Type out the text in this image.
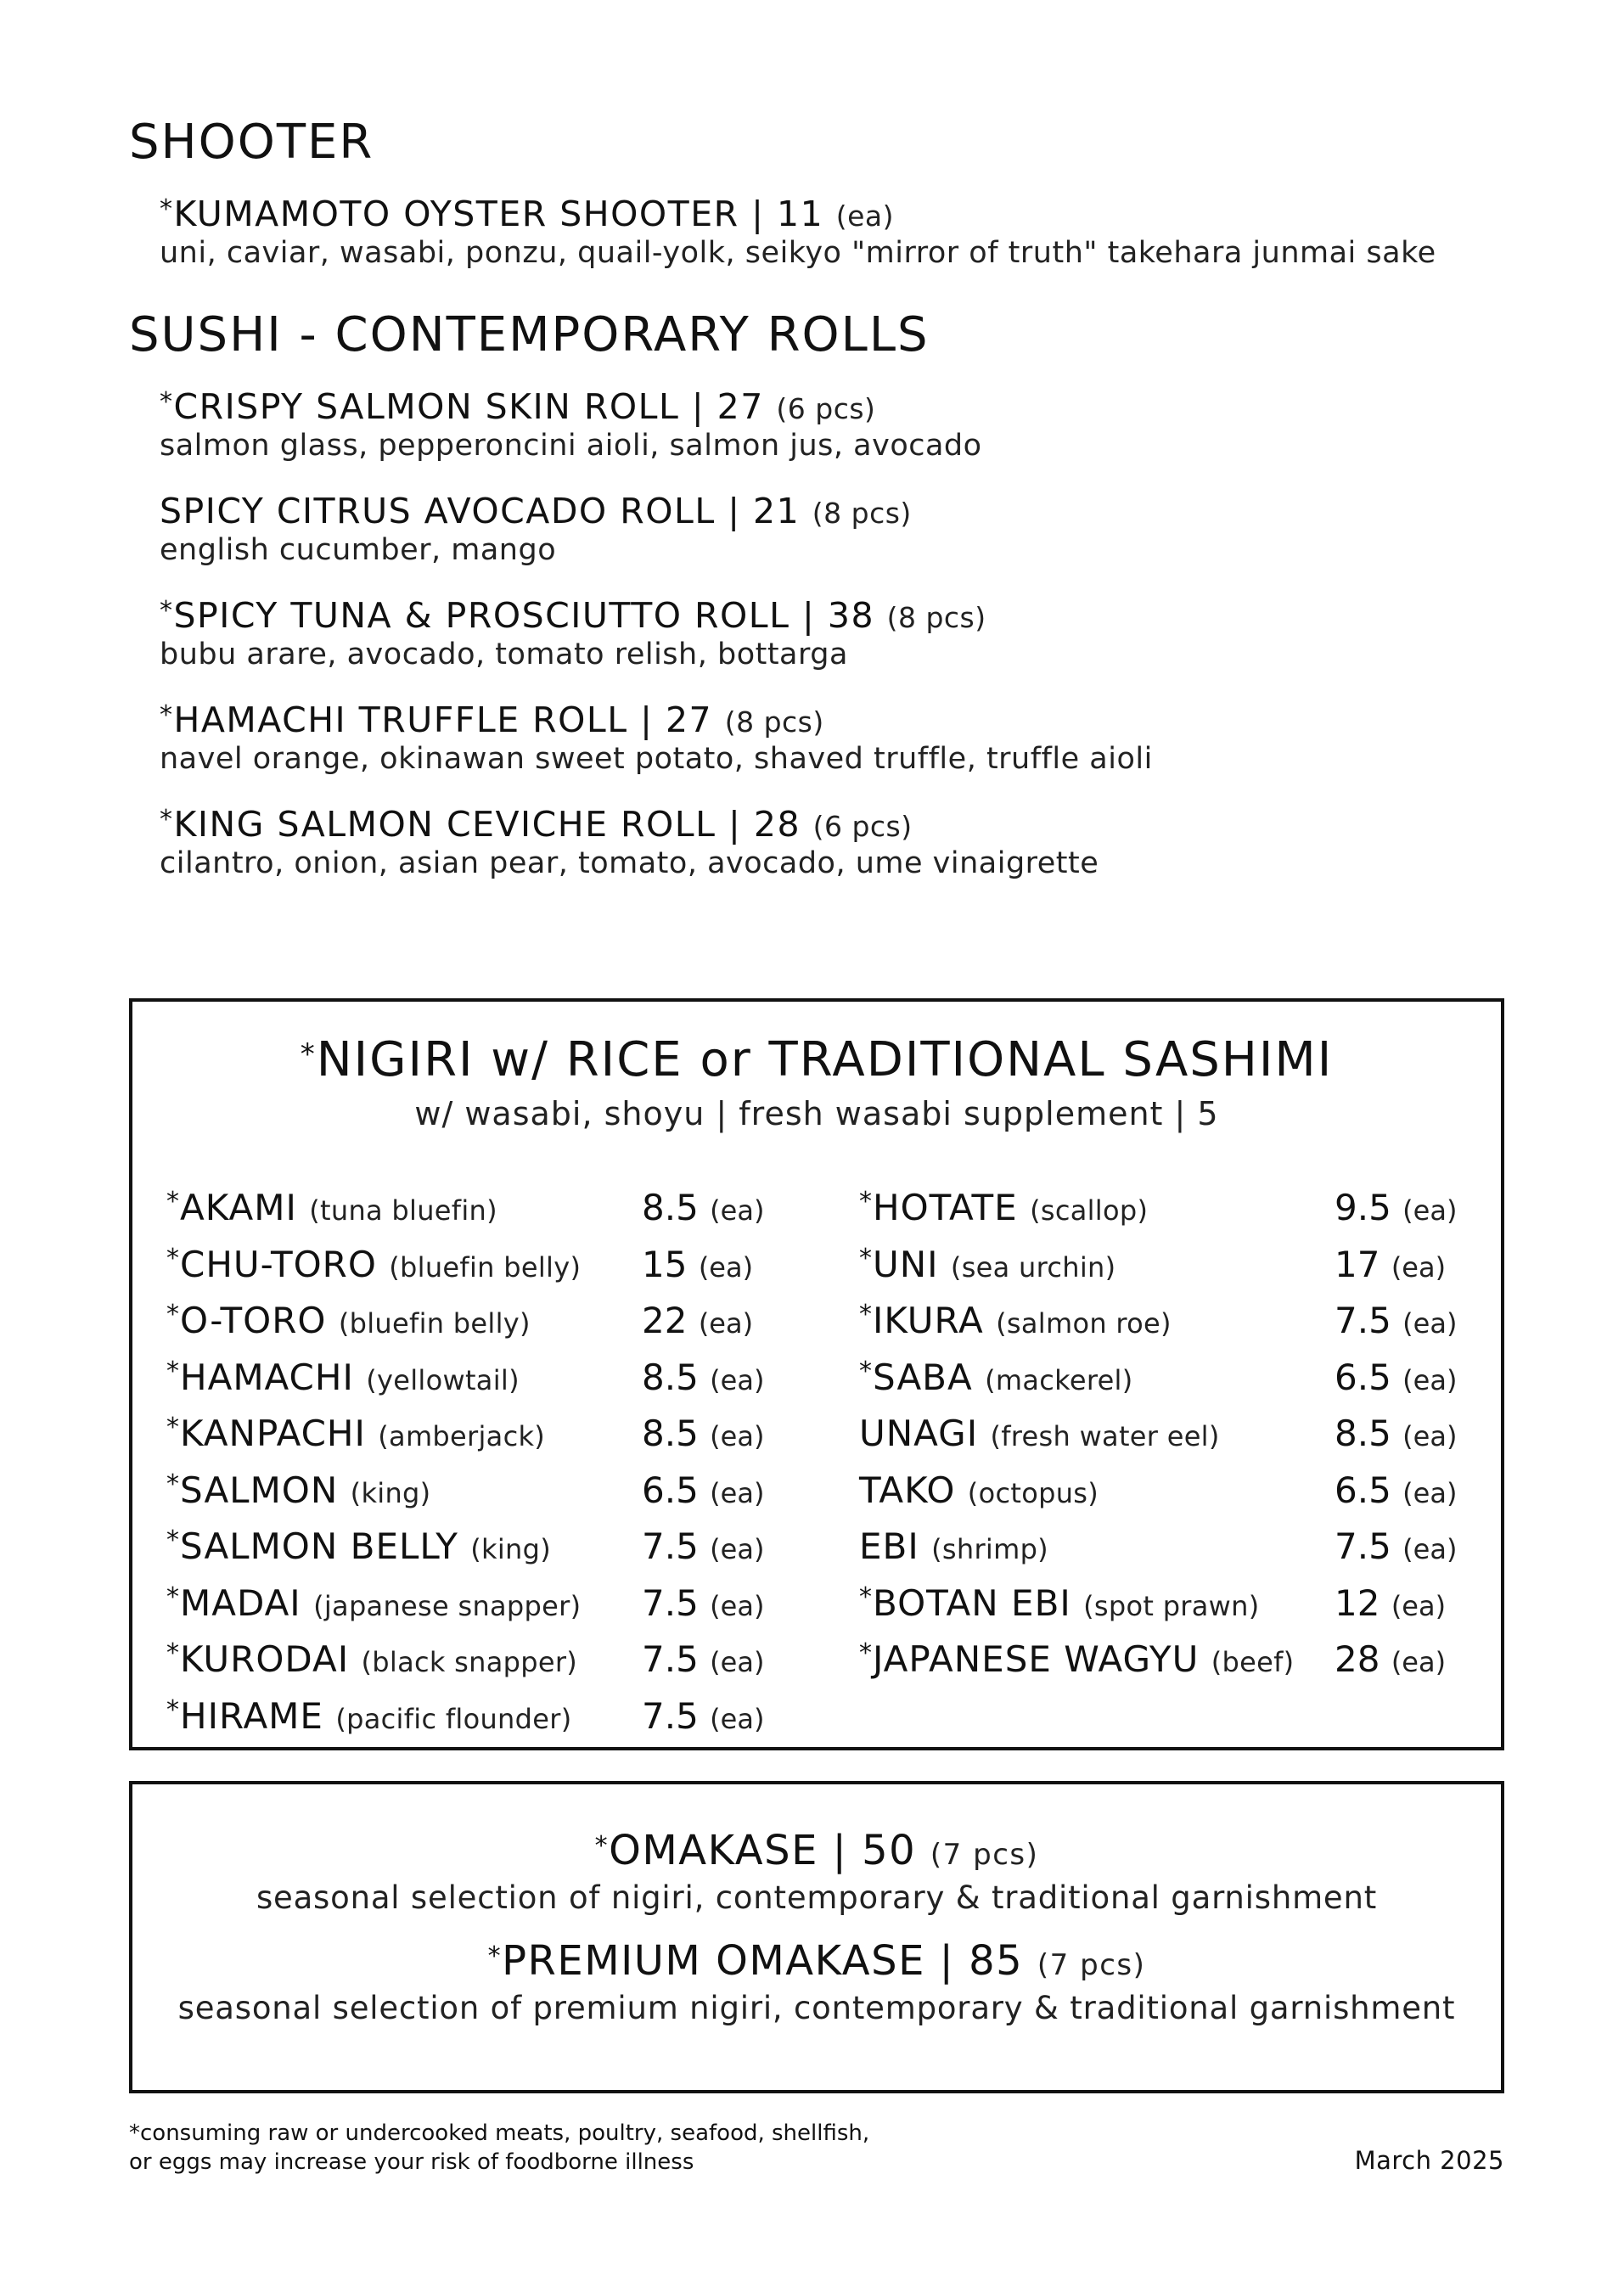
SHOOTER
*KUMAMOTO OYSTER SHOOTER | 11 (ea)
uni, caviar, wasabi, ponzu, quail-yolk, seikyo "mirror of truth" takehara junmai sake
SUSHI - CONTEMPORARY ROLLS
*CRISPY SALMON SKIN ROLL | 27 (6 pcs)
salmon glass, pepperoncini aioli, salmon jus, avocado
SPICY CITRUS AVOCADO ROLL | 21 (8 pcs)
english cucumber, mango
*SPICY TUNA & PROSCIUTTO ROLL | 38 (8 pcs)
bubu arare, avocado, tomato relish, bottarga
*HAMACHI TRUFFLE ROLL | 27 (8 pcs)
navel orange, okinawan sweet potato, shaved truffle, truffle aioli
*KING SALMON CEVICHE ROLL | 28 (6 pcs)
cilantro, onion, asian pear, tomato, avocado, ume vinaigrette
*NIGIRI w/ RICE or TRADITIONAL SASHIMI
w/ wasabi, shoyu | fresh wasabi supplement | 5
*AKAMI (tuna bluefin)	8.5 (ea)
*CHU-TORO (bluefin belly) 15 (ea)
*O-TORO (bluefin belly)	22 (ea)
*HAMACHI (yellowtail)	8.5 (ea)
*KANPACHI (amberjack)	8.5 (ea)
*SALMON (king)	6.5 (ea)
*SALMON BELLY (king)	7.5 (ea)
*MADAI (japanese snapper) 7.5 (ea)
*KURODAI (black snapper) 7.5 (ea)
*HIRAME (pacific flounder) 7.5 (ea)
*HOTATE (scallop)	9.5 (ea)
*UNI (sea urchin)	17 (ea)
*IKURA (salmon roe)	7.5 (ea)
*SABA (mackerel)	6.5 (ea)
UNAGI (fresh water eel)	8.5 (ea)
TAKO (octopus)	6.5 (ea)
EBI (shrimp)	7.5 (ea)
*BOTAN EBI (spot prawn) 12 (ea)
*JAPANESE WAGYU (beef) 28 (ea)
*OMAKASE | 50 (7 pcs)
seasonal selection of nigiri, contemporary & traditional garnishment
*PREMIUM OMAKASE | 85 (7 pcs)
seasonal selection of premium nigiri, contemporary & traditional garnishment
*consuming raw or undercooked meats, poultry, seafood, shellfish,
or eggs may increase your risk of foodborne illness	March 2025
